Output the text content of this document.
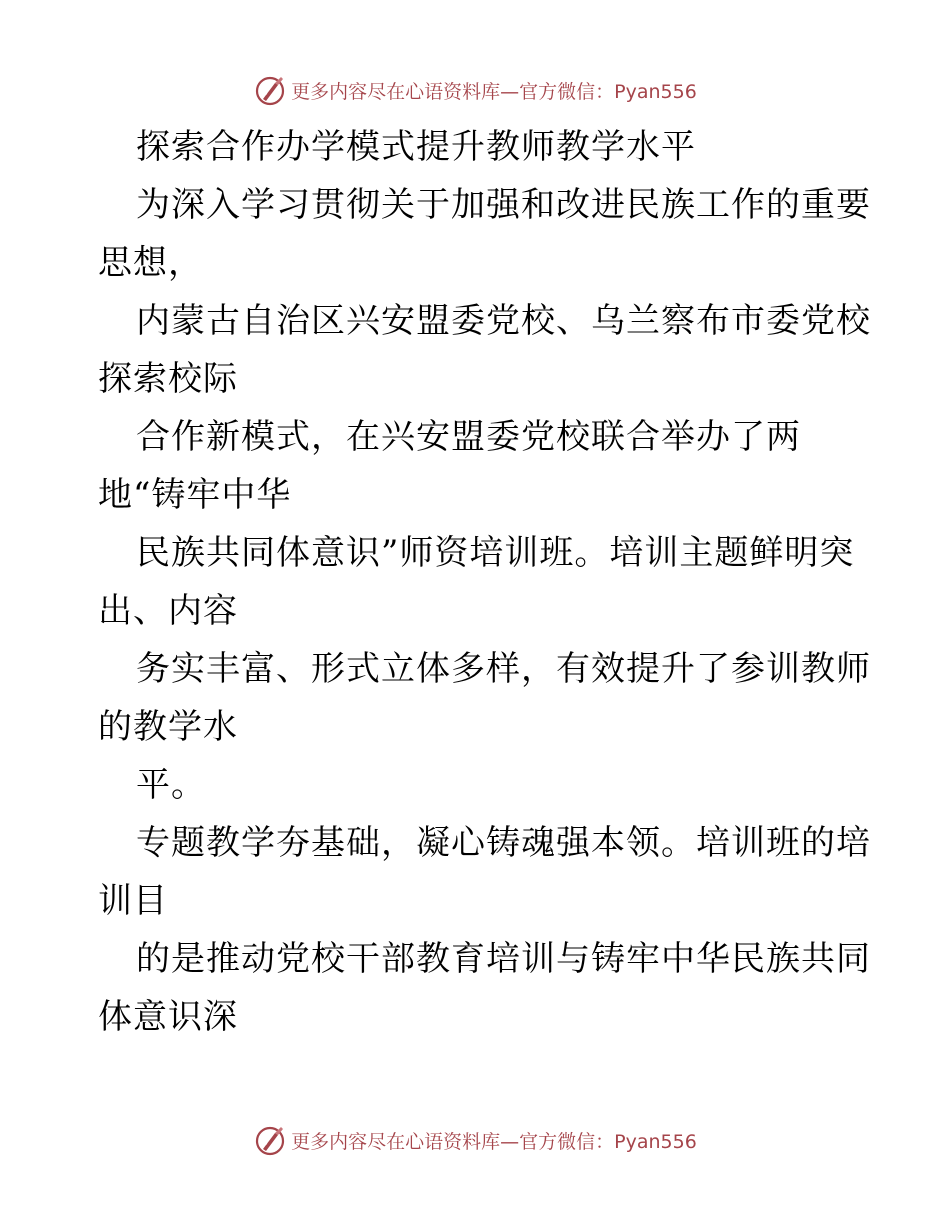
更多内容尽在心语资料库—官方微信：Pyan556
探索合作办学模式提升教师教学水平
为深入学习贯彻关于加强和改进民族工作的重要
思想，
内蒙古自治区兴安盟委党校、乌兰察布市委党校
探索校际
合作新模式，在兴安盟委党校联合举办了两
地“铸牢中华
民族共同体意识”师资培训班。培训主题鲜明突
出、内容
务实丰富、形式立体多样，有效提升了参训教师
的教学水
平。
专题教学夯基础，凝心铸魂强本领。培训班的培
训目
的是推动党校干部教育培训与铸牢中华民族共同
体意识深
更多内容尽在心语资料库—官方微信：Pyan556
